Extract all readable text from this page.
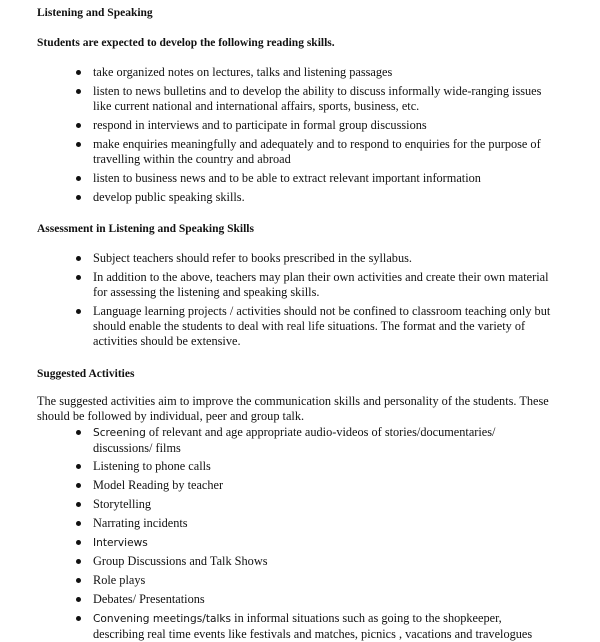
Listening and Speaking
Students are expected to develop the following reading skills.
take organized notes on lectures, talks and listening passages
listen to news bulletins and to develop the ability to discuss informally wide-ranging issues like current national and international affairs, sports, business, etc.
respond in interviews and to participate in formal group discussions
make enquiries meaningfully and adequately and to respond to enquiries for the purpose of travelling within the country and abroad
listen to business news and to be able to extract relevant important information
develop public speaking skills.
Assessment in Listening and Speaking Skills
Subject teachers should refer to books prescribed in the syllabus.
In addition to the above, teachers may plan their own activities and create their own material for assessing the listening and speaking skills.
Language learning projects / activities should not be confined to classroom teaching only but should enable the students to deal with real life situations. The format and the variety of activities should be extensive.
Suggested Activities
The suggested activities aim to improve the communication skills and personality of the students. These should be followed by individual, peer and group talk.
Screening of relevant and age appropriate audio-videos of stories/documentaries/ discussions/ films
Listening to phone calls
Model Reading by teacher
Storytelling
Narrating incidents
Interviews
Group Discussions and Talk Shows
Role plays
Debates/ Presentations
Convening meetings/talks in informal situations such as going to the shopkeeper, describing real time events like festivals and matches, picnics , vacations and travelogues
